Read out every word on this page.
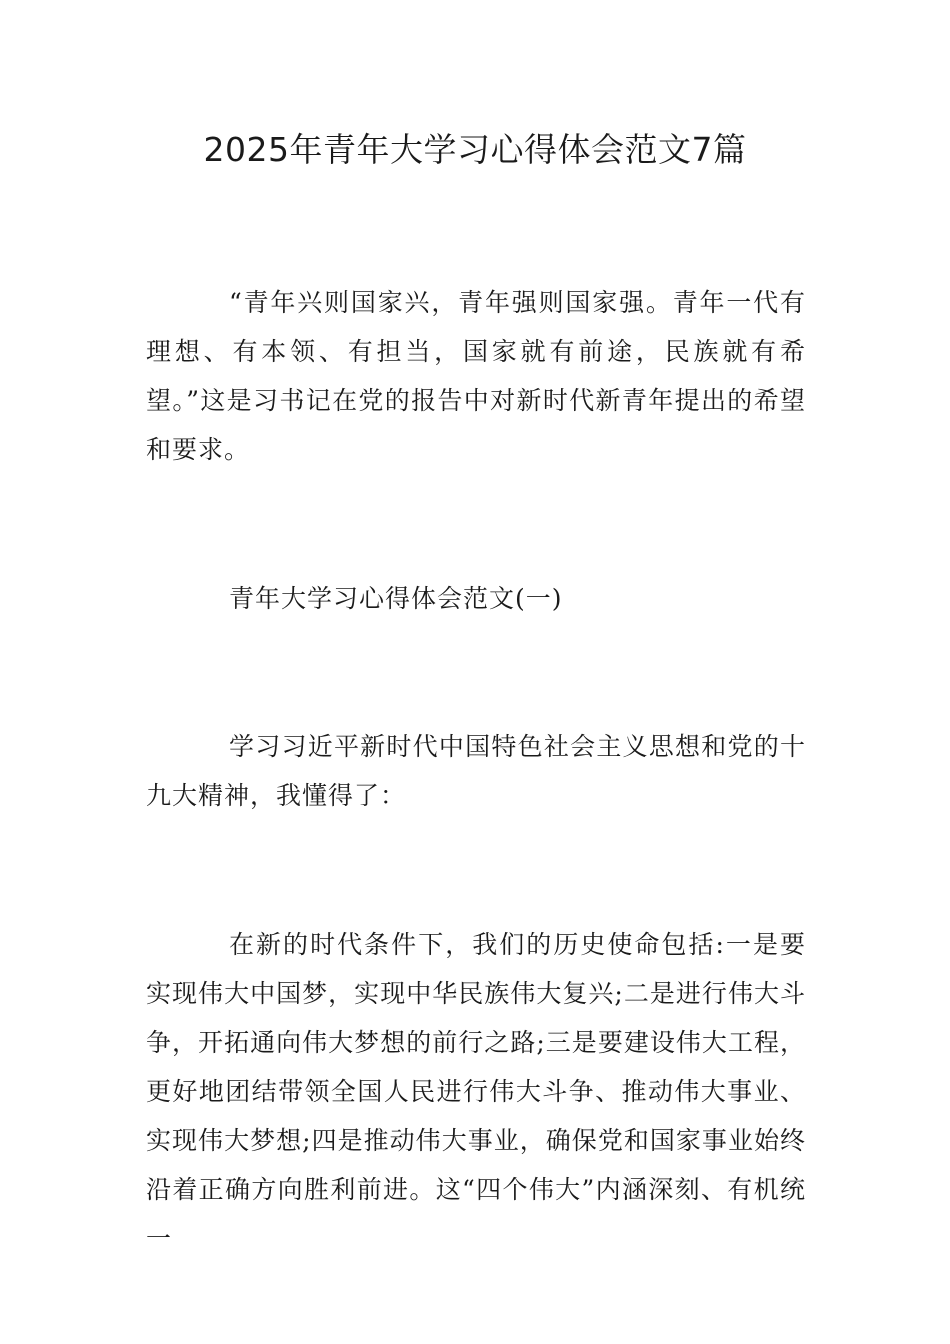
2025年青年大学习心得体会范文7篇

“青年兴则国家兴，青年强则国家强。青年一代有理想、有本领、有担当，国家就有前途，民族就有希望。”这是习书记在党的报告中对新时代新青年提出的希望和要求。

青年大学习心得体会范文(一)

学习习近平新时代中国特色社会主义思想和党的十九大精神，我懂得了：

在新的时代条件下，我们的历史使命包括:一是要实现伟大中国梦，实现中华民族伟大复兴;二是进行伟大斗争，开拓通向伟大梦想的前行之路;三是要建设伟大工程，更好地团结带领全国人民进行伟大斗争、推动伟大事业、实现伟大梦想;四是推动伟大事业，确保党和国家事业始终沿着正确方向胜利前进。这“四个伟大”内涵深刻、有机统一
